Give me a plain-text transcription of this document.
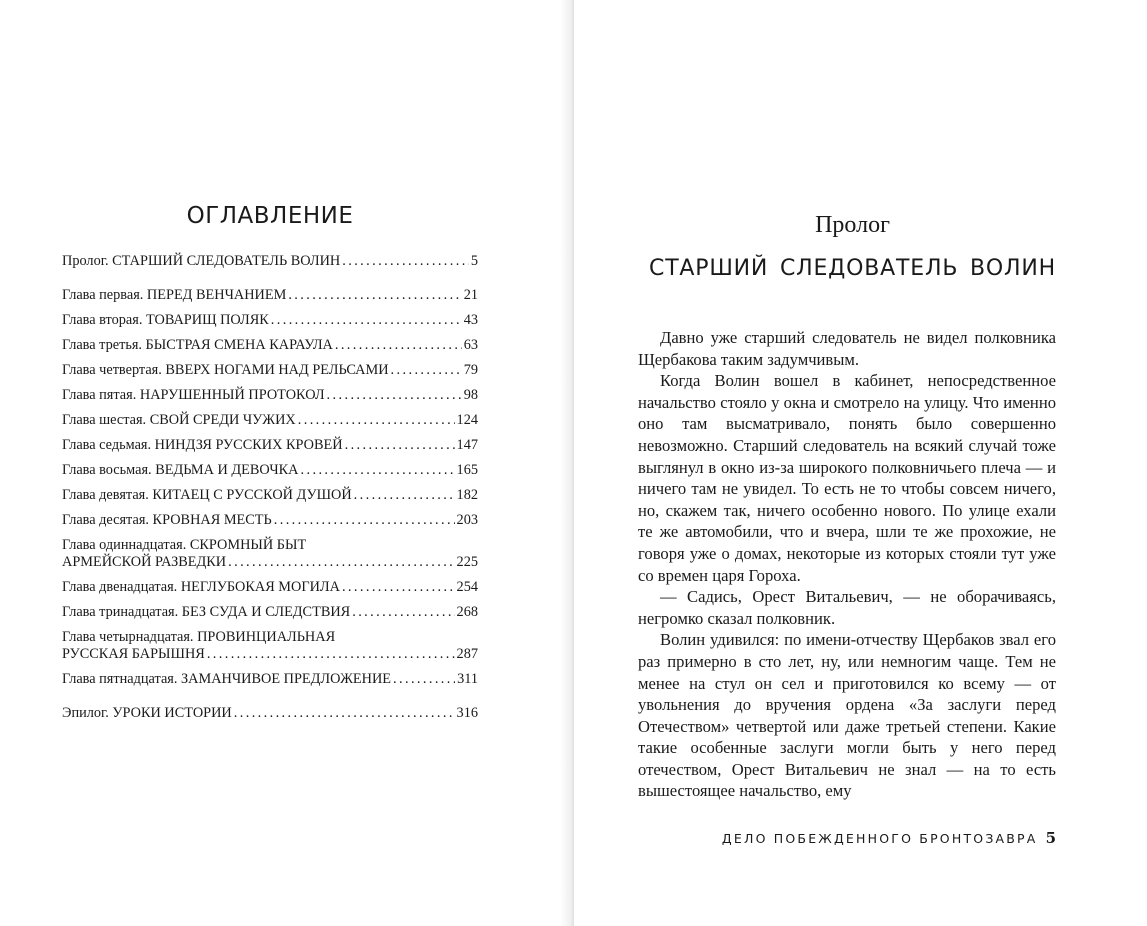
ОГЛАВЛЕНИЕ
Пролог. СТАРШИЙ СЛЕДОВАТЕЛЬ ВОЛИН .....	5
Глава первая. ПЕРЕД ВЕНЧАНИЕМ .....	21
Глава вторая. ТОВАРИЩ ПОЛЯК .....	43
Глава третья. БЫСТРАЯ СМЕНА КАРАУЛА .....	63
Глава четвертая. ВВЕРХ НОГАМИ НАД РЕЛЬСАМИ .....	79
Глава пятая. НАРУШЕННЫЙ ПРОТОКОЛ .....	98
Глава шестая. СВОЙ СРЕДИ ЧУЖИХ .....	124
Глава седьмая. НИНДЗЯ РУССКИХ КРОВЕЙ .....	147
Глава восьмая. ВЕДЬМА И ДЕВОЧКА .....	165
Глава девятая. КИТАЕЦ С РУССКОЙ ДУШОЙ .....	182
Глава десятая. КРОВНАЯ МЕСТЬ .....	203
Глава одиннадцатая. СКРОМНЫЙ БЫТ
АРМЕЙСКОЙ РАЗВЕДКИ .....	225
Глава двенадцатая. НЕГЛУБОКАЯ МОГИЛА .....	254
Глава тринадцатая. БЕЗ СУДА И СЛЕДСТВИЯ .....	268
Глава четырнадцатая. ПРОВИНЦИАЛЬНАЯ
РУССКАЯ БАРЫШНЯ .....	287
Глава пятнадцатая. ЗАМАНЧИВОЕ ПРЕДЛОЖЕНИЕ .....	311
Эпилог. УРОКИ ИСТОРИИ .....	316
Пролог
СТАРШИЙ СЛЕДОВАТЕЛЬ ВОЛИН

Давно уже старший следователь не видел полковника Щербакова таким задумчивым.

Когда Волин вошел в кабинет, непосредственное начальство стояло у окна и смотрело на улицу. Что именно оно там высматривало, понять было совершенно невозможно. Старший следователь на всякий случай тоже выглянул в окно из-за широкого полковничьего плеча — и ничего там не увидел. То есть не то чтобы совсем ничего, но, скажем так, ничего особенно нового. По улице ехали те же автомобили, что и вчера, шли те же прохожие, не говоря уже о домах, некоторые из которых стояли тут уже со времен царя Гороха.

— Садись, Орест Витальевич, — не оборачиваясь, негромко сказал полковник.

Волин удивился: по имени-отчеству Щербаков звал его раз примерно в сто лет, ну, или немногим чаще. Тем не менее на стул он сел и приготовился ко всему — от увольнения до вручения ордена «За заслуги перед Отечеством» четвертой или даже третьей степени. Какие такие особенные заслуги могли быть у него перед отечеством, Орест Витальевич не знал — на то есть вышестоящее начальство, ему

ДЕЛО ПОБЕЖДЕННОГО БРОНТОЗАВРА 5
